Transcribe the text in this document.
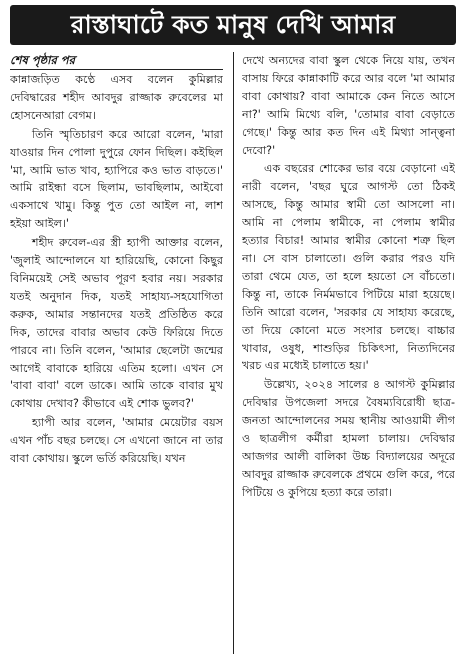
রাস্তাঘাটে কত মানুষ দেখি আমার
শেষ পৃষ্ঠার পর

কান্নাজড়িত কণ্ঠে এসব বলেন কুমিল্লার দেবিদ্বারের শহীদ আবদুর রাজ্জাক রুবেলের মা হোসনেআরা বেগম।

তিনি স্মৃতিচারণ করে আরো বলেন, 'মারা যাওয়ার দিন পোলা দুপুরে ফোন দিছিল। কইছিল 'মা, আমি ভাত খাব, হ্যাপিরে কও ভাত বাড়তে।' আমি রাইন্ধা বসে ছিলাম, ভাবছিলাম, আইবো একসাথে খামু। কিন্তু পুত তো আইল না, লাশ হইয়া আইল।'

শহীদ রুবেল-এর স্ত্রী হ্যাপী আক্তার বলেন, 'জুলাই আন্দোলনে যা হারিয়েছি, কোনো কিছুর বিনিময়েই সেই অভাব পূরণ হবার নয়। সরকার যতই অনুদান দিক, যতই সাহায্য-সহযোগিতা করুক, আমার সন্তানদের যতই প্রতিষ্ঠিত করে দিক, তাদের বাবার অভাব কেউ ফিরিয়ে দিতে পারবে না। তিনি বলেন, 'আমার ছেলেটা জন্মের আগেই বাবাকে হারিয়ে এতিম হলো। এখন সে 'বাবা বাবা' বলে ডাকে। আমি তাকে বাবার মুখ কোথায় দেখাব? কীভাবে এই শোক ভুলব?'

হ্যাপী আর বলেন, 'আমার মেয়েটার বয়স এখন পাঁচ বছর চলছে। সে এখনো জানে না তার বাবা কোথায়। স্কুলে ভর্তি করিয়েছি। যখন

দেখে অন্যদের বাবা স্কুল থেকে নিয়ে যায়, তখন বাসায় ফিরে কান্নাকাটি করে আর বলে 'মা আমার বাবা কোথায়? বাবা আমাকে কেন নিতে আসে না?' আমি মিথ্যে বলি, 'তোমার বাবা বেড়াতে গেছে।' কিন্তু আর কত দিন এই মিথ্যা সান্ত্বনা দেবো?'

এক বছরের শোকের ভার বয়ে বেড়ানো এই নারী বলেন, 'বছর ঘুরে আগস্ট তো ঠিকই আসছে, কিন্তু আমার স্বামী তো আসলো না। আমি না পেলাম স্বামীকে, না পেলাম স্বামীর হত্যার বিচার! আমার স্বামীর কোনো শত্রু ছিল না। সে বাস চালাতো। গুলি করার পরও যদি তারা থেমে যেত, তা হলে হয়তো সে বাঁচতো। কিন্তু না, তাকে নির্মমভাবে পিটিয়ে মারা হয়েছে। তিনি আরো বলেন, 'সরকার যে সাহায্য করেছে, তা দিয়ে কোনো মতে সংসার চলছে। বাচ্চার খাবার, ওষুধ, শাশুড়ির চিকিৎসা, নিত্যদিনের খরচ এর মধ্যেই চালাতে হয়।'

উল্লেখ্য, ২০২৪ সালের ৪ আগস্ট কুমিল্লার দেবিদ্বার উপজেলা সদরে বৈষম্যবিরোধী ছাত্র-জনতা আন্দোলনের সময় স্থানীয় আওয়ামী লীগ ও ছাত্রলীগ কর্মীরা হামলা চালায়। দেবিদ্বার আজগর আলী বালিকা উচ্চ বিদ্যালয়ের অদূরে আবদুর রাজ্জাক রুবেলকে প্রথমে গুলি করে, পরে পিটিয়ে ও কুপিয়ে হত্যা করে তারা।
